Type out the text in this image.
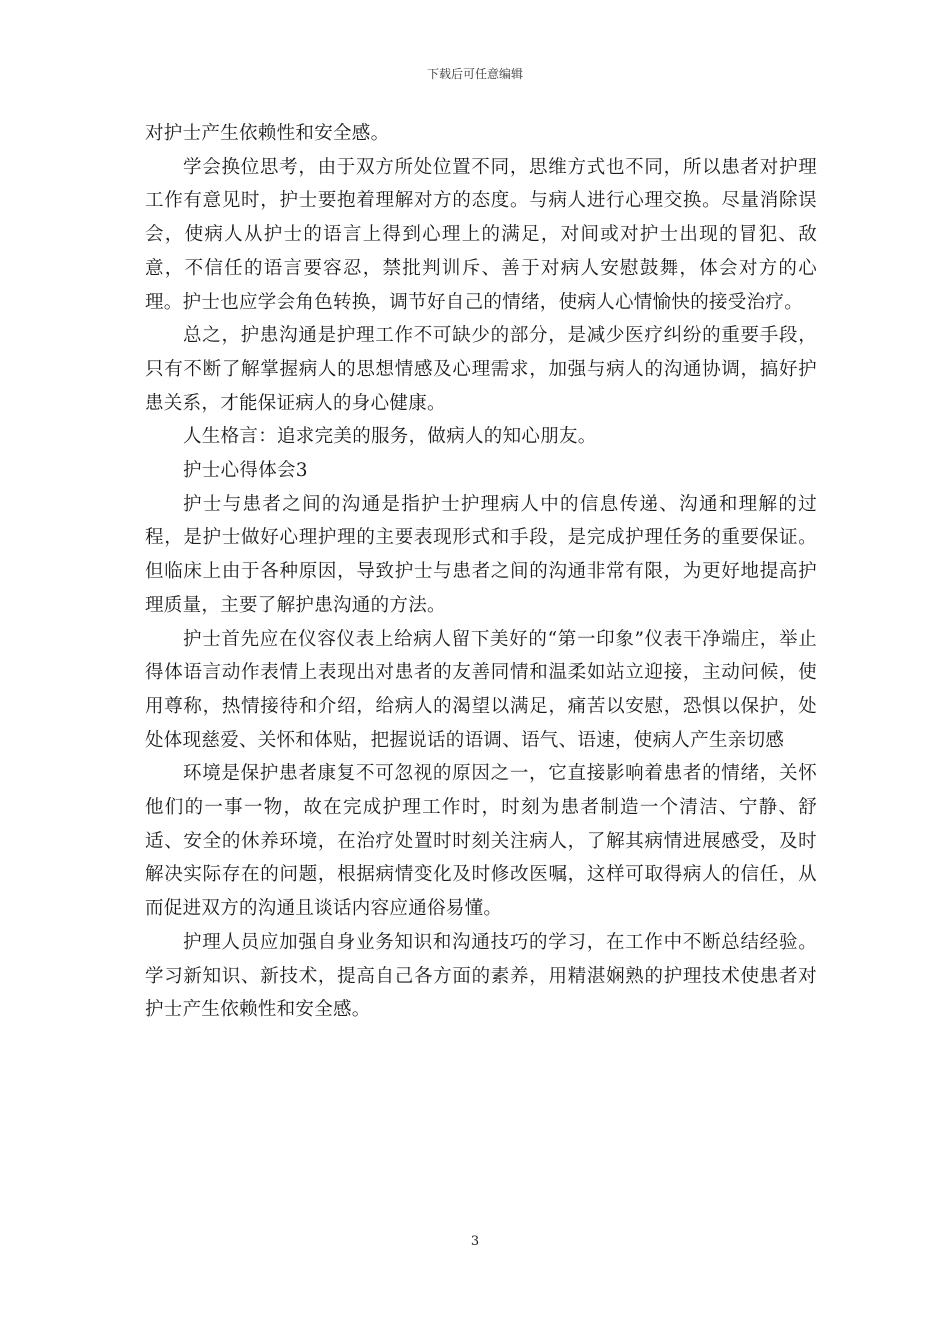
下载后可任意编辑

对护士产生依赖性和安全感。

学会换位思考，由于双方所处位置不同，思维方式也不同，所以患者对护理工作有意见时，护士要抱着理解对方的态度。与病人进行心理交换。尽量消除误会，使病人从护士的语言上得到心理上的满足，对间或对护士出现的冒犯、敌意，不信任的语言要容忍，禁批判训斥、善于对病人安慰鼓舞，体会对方的心理。护士也应学会角色转换，调节好自己的情绪，使病人心情愉快的接受治疗。

总之，护患沟通是护理工作不可缺少的部分，是减少医疗纠纷的重要手段，只有不断了解掌握病人的思想情感及心理需求，加强与病人的沟通协调，搞好护患关系，才能保证病人的身心健康。

人生格言：追求完美的服务，做病人的知心朋友。

护士心得体会3

护士与患者之间的沟通是指护士护理病人中的信息传递、沟通和理解的过程，是护士做好心理护理的主要表现形式和手段，是完成护理任务的重要保证。但临床上由于各种原因，导致护士与患者之间的沟通非常有限，为更好地提高护理质量，主要了解护患沟通的方法。

护士首先应在仪容仪表上给病人留下美好的“第一印象”仪表干净端庄，举止得体语言动作表情上表现出对患者的友善同情和温柔如站立迎接，主动问候，使用尊称，热情接待和介绍，给病人的渴望以满足，痛苦以安慰，恐惧以保护，处处体现慈爱、关怀和体贴，把握说话的语调、语气、语速，使病人产生亲切感

环境是保护患者康复不可忽视的原因之一，它直接影响着患者的情绪，关怀他们的一事一物，故在完成护理工作时，时刻为患者制造一个清洁、宁静、舒适、安全的休养环境，在治疗处置时时刻关注病人，了解其病情进展感受，及时解决实际存在的问题，根据病情变化及时修改医嘱，这样可取得病人的信任，从而促进双方的沟通且谈话内容应通俗易懂。

护理人员应加强自身业务知识和沟通技巧的学习，在工作中不断总结经验。学习新知识、新技术，提高自己各方面的素养，用精湛娴熟的护理技术使患者对护士产生依赖性和安全感。

3
